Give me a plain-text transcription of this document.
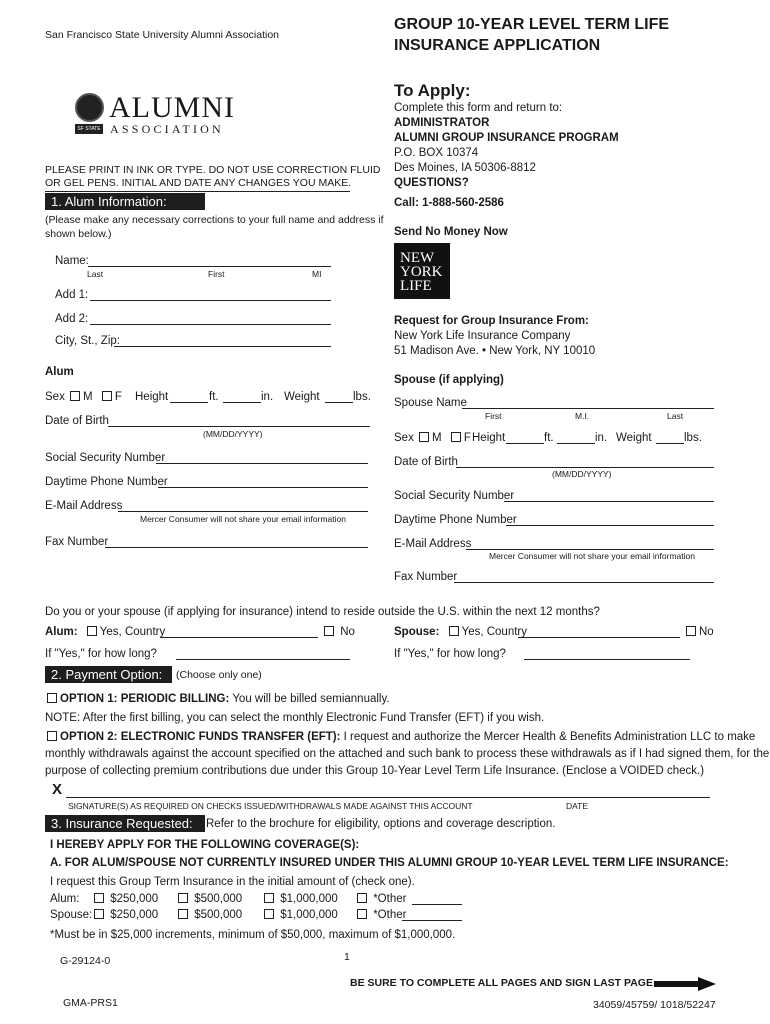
San Francisco State University Alumni Association
GROUP 10-YEAR LEVEL TERM LIFE
INSURANCE APPLICATION
SF STATE
ALUMNI
ASSOCIATION
PLEASE PRINT IN INK OR TYPE. DO NOT USE CORRECTION FLUID
OR GEL PENS. INITIAL AND DATE ANY CHANGES YOU MAKE.
1. Alum Information:
(Please make any necessary corrections to your full name and address if
shown below.)
To Apply:
Complete this form and return to:
ADMINISTRATOR
ALUMNI GROUP INSURANCE PROGRAM
P.O. BOX 10374
Des Moines, IA 50306-8812
QUESTIONS?
Call: 1-888-560-2586
Send No Money Now
NEW
YORK
LIFE
Request for Group Insurance From:
New York Life Insurance Company
51 Madison Ave. • New York, NY 10010
Name:
Last	First	MI
Add 1:
Add 2:
City, St., Zip:
Alum
Sex M F Height	ft.	in. Weight	lbs.
Date of Birth
(MM/DD/YYYY)
Social Security Number
Daytime Phone Number
E-Mail Address
Mercer Consumer will not share your email information
Fax Number
Spouse (if applying)
Spouse Name
First	M.I.	Last
Sex M F Height	ft.	in. Weight	lbs.
Date of Birth
(MM/DD/YYYY)
Social Security Number
Daytime Phone Number
E-Mail Address
Mercer Consumer will not share your email information
Fax Number
Do you or your spouse (if applying for insurance) intend to reside outside the U.S. within the next 12 months?
Alum: Yes, Country	No	Spouse: Yes, Country	No
If "Yes," for how long?	If "Yes," for how long?
2. Payment Option:	(Choose only one)
OPTION 1: PERIODIC BILLING: You will be billed semiannually.
NOTE: After the first billing, you can select the monthly Electronic Fund Transfer (EFT) if you wish.
OPTION 2: ELECTRONIC FUNDS TRANSFER (EFT): I request and authorize the Mercer Health & Benefits Administration LLC to make
monthly withdrawals against the account specified on the attached and such bank to process these withdrawals as if I had signed them, for the
purpose of collecting premium contributions due under this Group 10-Year Level Term Life Insurance. (Enclose a VOIDED check.)
X
SIGNATURE(S) AS REQUIRED ON CHECKS ISSUED/WITHDRAWALS MADE AGAINST THIS ACCOUNT	DATE
3. Insurance Requested:	Refer to the brochure for eligibility, options and coverage description.
I HEREBY APPLY FOR THE FOLLOWING COVERAGE(S):
A. FOR ALUM/SPOUSE NOT CURRENTLY INSURED UNDER THIS ALUMNI GROUP 10-YEAR LEVEL TERM LIFE INSURANCE:
I request this Group Term Insurance in the initial amount of (check one).
Alum:	$250,000	$500,000	$1,000,000	*Other
Spouse:	$250,000	$500,000	$1,000,000	*Other
*Must be in $25,000 increments, minimum of $50,000, maximum of $1,000,000.
G-29124-0	1
BE SURE TO COMPLETE ALL PAGES AND SIGN LAST PAGE
GMA-PRS1	34059/45759/ 1018/52247
